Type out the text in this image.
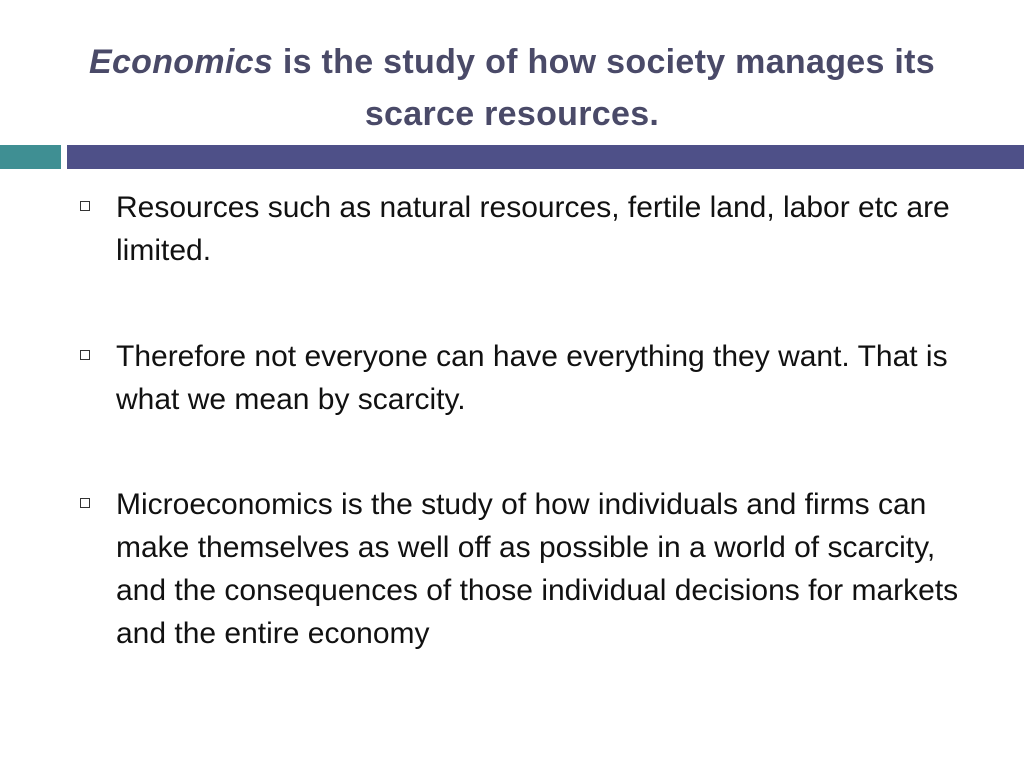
Economics is the study of how society manages its scarce resources.
Resources such as natural resources, fertile land, labor etc are limited.
Therefore not everyone can have everything they want. That is what we mean by scarcity.
Microeconomics is the study of how individuals and firms can make themselves as well off as possible in a world of scarcity, and the consequences of those individual decisions for markets and the entire economy
